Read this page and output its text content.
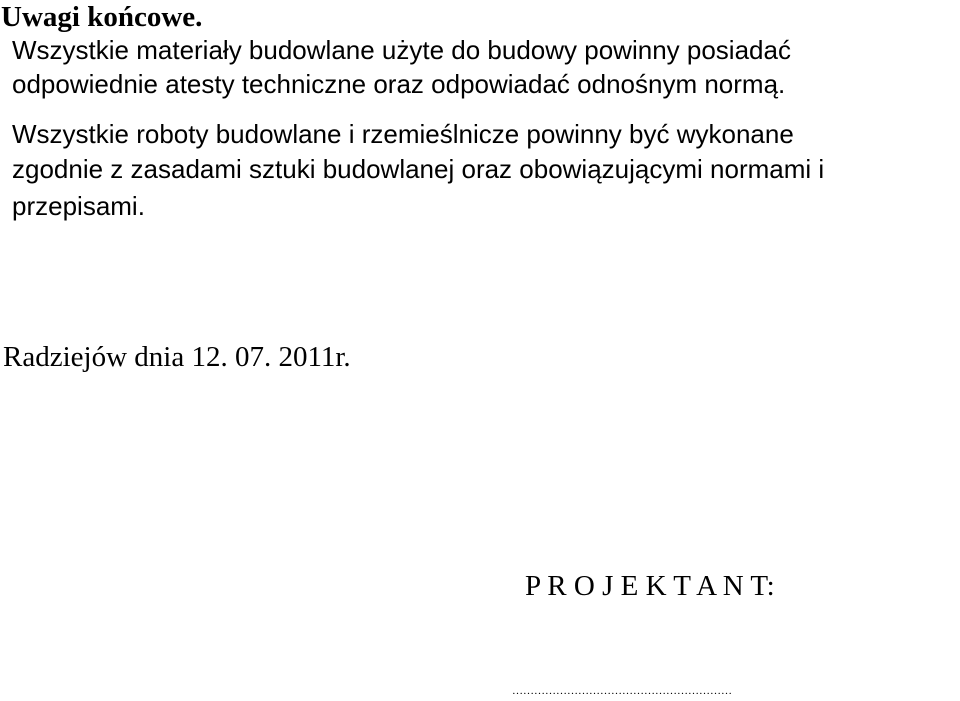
Uwagi końcowe.

Wszystkie materiały budowlane użyte do budowy powinny posiadać
odpowiednie atesty techniczne oraz odpowiadać odnośnym normą.

Wszystkie roboty budowlane i rzemieślnicze powinny być wykonane

zgodnie z zasadami sztuki budowlanej oraz obowiązującymi normami i

przepisami.

Radziejów dnia 12. 07. 2011r.

P R O J E K T A N T:

……………………………………………………
